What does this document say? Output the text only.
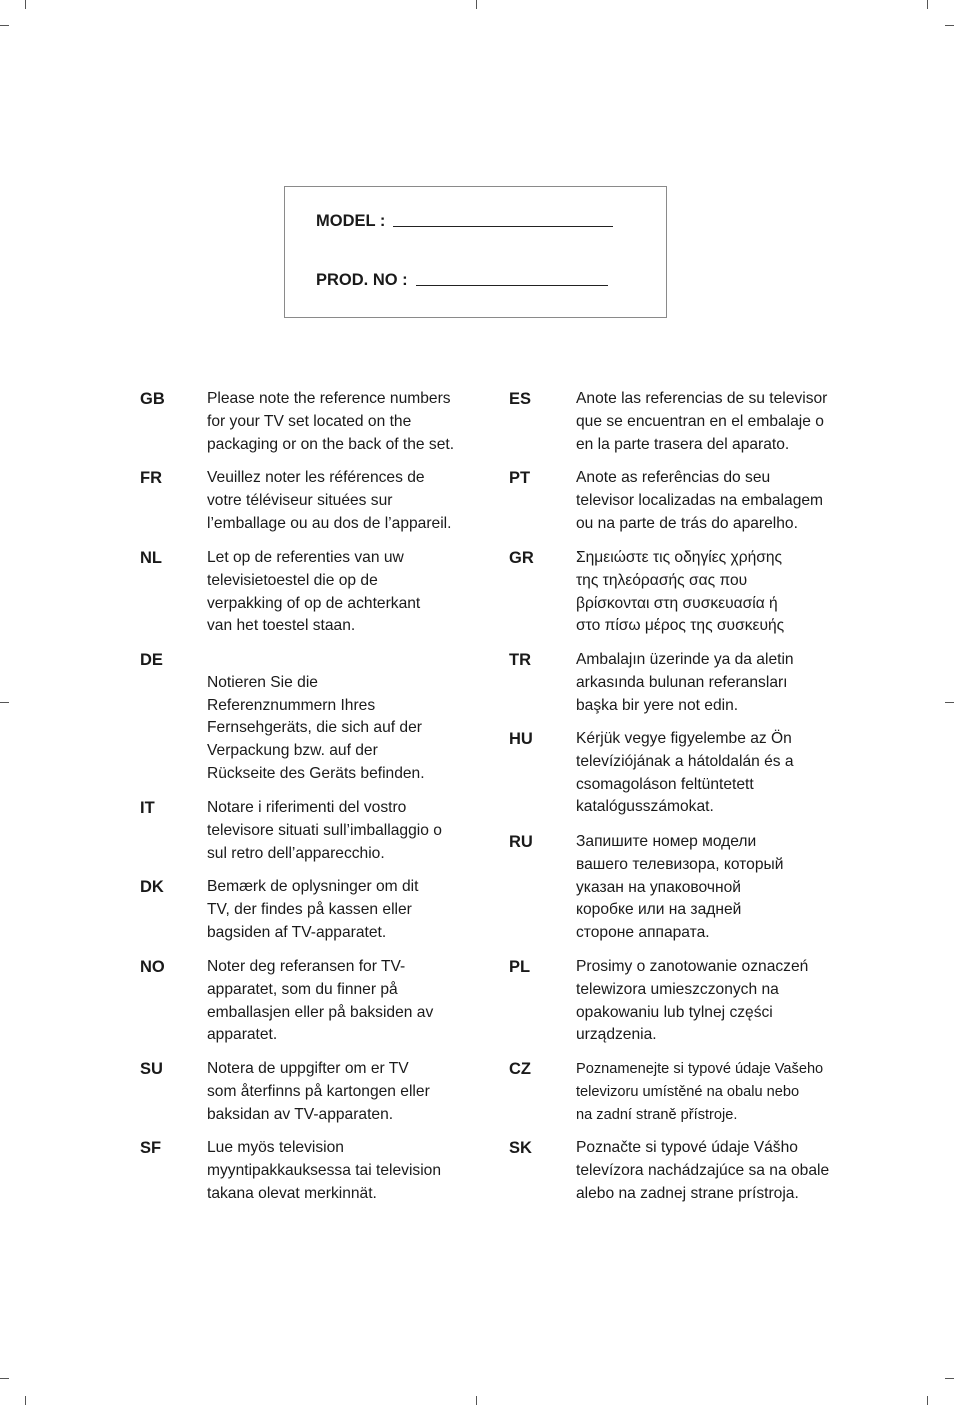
MODEL :
PROD. NO :
GB	Please note the reference numbers
for your TV set located on the
packaging or on the back of the set.
FR	Veuillez noter les références de
votre téléviseur situées sur
l’emballage ou au dos de l’appareil.
NL	Let op de referenties van uw
televisietoestel die op de
verpakking of op de achterkant
van het toestel staan.
DE

Notieren Sie die
Referenznummern Ihres
Fernsehgeräts, die sich auf der
Verpackung bzw. auf der
Rückseite des Geräts befinden.
IT	Notare i riferimenti del vostro
televisore situati sull’imballaggio o
sul retro dell’apparecchio.
DK	Bemærk de oplysninger om dit
TV, der findes på kassen eller
bagsiden af TV-apparatet.
NO	Noter deg referansen for TV-
apparatet, som du finner på
emballasjen eller på baksiden av
apparatet.
SU	Notera de uppgifter om er TV
som återfinns på kartongen eller
baksidan av TV-apparaten.
SF	Lue myös television
myyntipakkauksessa tai television
takana olevat merkinnät.
ES	Anote las referencias de su televisor
que se encuentran en el embalaje o
en la parte trasera del aparato.
PT	Anote as referências do seu
televisor localizadas na embalagem
ou na parte de trás do aparelho.
GR	Σημειώστε τις οδηγίες χρήσης
της τηλεόρασής σας που
βρίσκονται στη συσκευασία ή
στο πίσω μέρος της συσκευής
TR	Ambalajın üzerinde ya da aletin
arkasında bulunan referansları
başka bir yere not edin.
HU	Kérjük vegye figyelembe az Ön
televíziójának a hátoldalán és a
csomagoláson feltüntetett
katalógusszámokat.
RU	Запишите номер модели
вашего телевизора, который
указан на упаковочной
коробке или на задней
стороне аппарата.
PL	Prosimy o zanotowanie oznaczeń
telewizora umieszczonych na
opakowaniu lub tylnej części
urządzenia.
CZ	Poznamenejte si typové údaje Vašeho
televizoru umístěné na obalu nebo
na zadní straně přístroje.
SK	Poznačte si typové údaje Vášho
televízora nachádzajúce sa na obale
alebo na zadnej strane prístroja.
